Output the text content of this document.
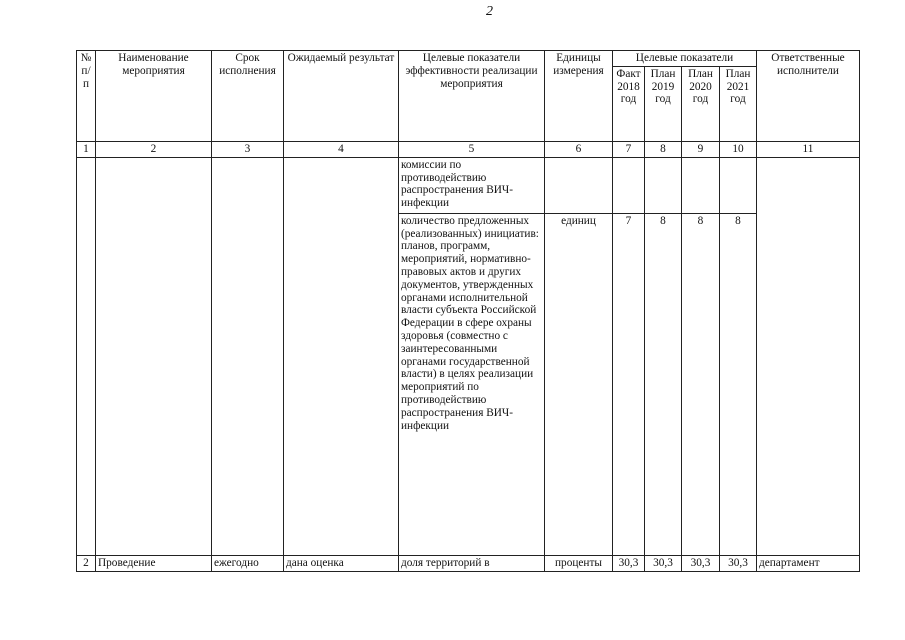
2
№ п/п	Наименование мероприятия	Срок исполнения	Ожидаемый результат	Целевые показатели эффективности реализации мероприятия	Единицы измерения	Целевые показатели				Ответственные исполнители
						Факт 2018 год	План 2019 год	План 2020 год	План 2021 год	
1	2	3	4	5	6	7	8	9	10	11
				комиссии по противодействию распространения ВИЧ-инфекции						
				количество предложенных (реализованных) инициатив: планов, программ, мероприятий, нормативно-правовых актов и других документов, утвержденных органами исполнительной власти субъекта Российской Федерации в сфере охраны здоровья (совместно с заинтересованными органами государственной власти) в целях реализации мероприятий по противодействию распространения ВИЧ-инфекции	единиц	7	8	8	8	
2	Проведение	ежегодно	дана оценка	доля территорий в	проценты	30,3	30,3	30,3	30,3	департамент
